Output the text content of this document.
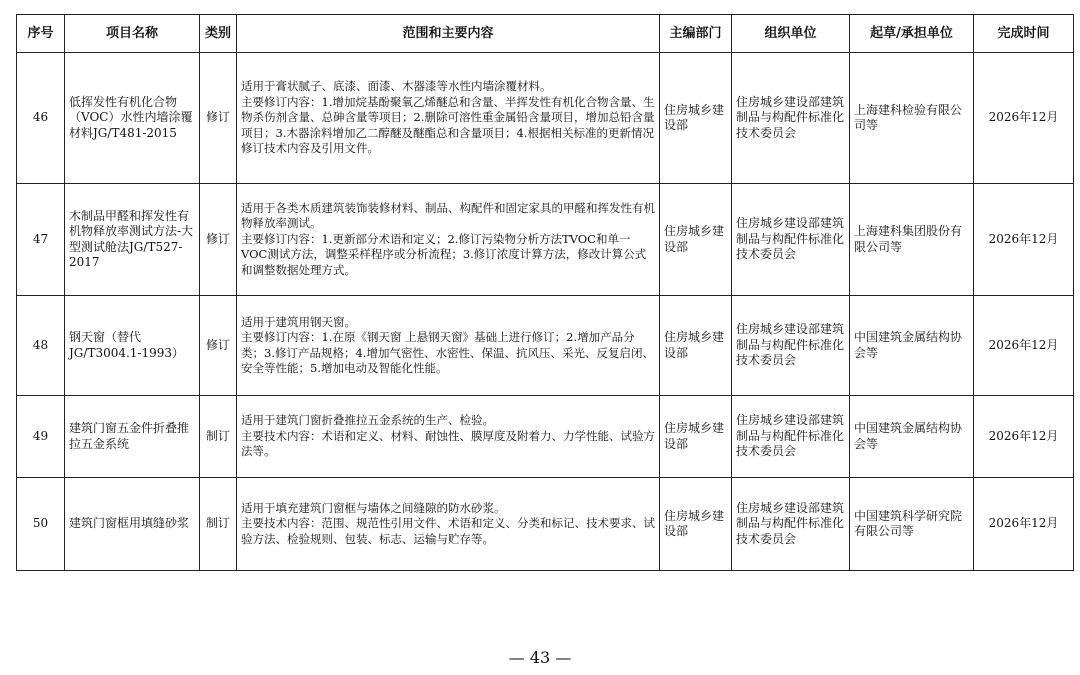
序号	项目名称	类别	范围和主要内容	主编部门	组织单位	起草/承担单位	完成时间
46	低挥发性有机化合物（VOC）水性内墙涂覆材料JG/T481-2015	修订	适用于膏状腻子、底漆、面漆、木器漆等水性内墙涂覆材料。
主要修订内容：1.增加烷基酚聚氧乙烯醚总和含量、半挥发性有机化合物含量、生物杀伤剂含量、总砷含量等项目；2.删除可溶性重金属铅含量项目，增加总铅含量项目；3.木器涂料增加乙二醇醚及醚酯总和含量项目；4.根据相关标准的更新情况修订技术内容及引用文件。	住房城乡建设部	住房城乡建设部建筑制品与构配件标准化技术委员会	上海建科检验有限公司等	2026年12月
47	木制品甲醛和挥发性有机物释放率测试方法-大型测试舱法JG/T527-2017	修订	适用于各类木质建筑装饰装修材料、制品、构配件和固定家具的甲醛和挥发性有机物释放率测试。
主要修订内容：1.更新部分术语和定义；2.修订污染物分析方法TVOC和单一VOC测试方法，调整采样程序或分析流程；3.修订浓度计算方法，修改计算公式和调整数据处理方式。	住房城乡建设部	住房城乡建设部建筑制品与构配件标准化技术委员会	上海建科集团股份有限公司等	2026年12月
48	钢天窗（替代JG/T3004.1-1993）	修订	适用于建筑用钢天窗。
主要修订内容：1.在原《钢天窗 上悬钢天窗》基础上进行修订；2.增加产品分类；3.修订产品规格；4.增加气密性、水密性、保温、抗风压、采光、反复启闭、安全等性能；5.增加电动及智能化性能。	住房城乡建设部	住房城乡建设部建筑制品与构配件标准化技术委员会	中国建筑金属结构协会等	2026年12月
49	建筑门窗五金件折叠推拉五金系统	制订	适用于建筑门窗折叠推拉五金系统的生产、检验。
主要技术内容：术语和定义、材料、耐蚀性、膜厚度及附着力、力学性能、试验方法等。	住房城乡建设部	住房城乡建设部建筑制品与构配件标准化技术委员会	中国建筑金属结构协会等	2026年12月
50	建筑门窗框用填缝砂浆	制订	适用于填充建筑门窗框与墙体之间缝隙的防水砂浆。
主要技术内容：范围、规范性引用文件、术语和定义、分类和标记、技术要求、试验方法、检验规则、包装、标志、运输与贮存等。	住房城乡建设部	住房城乡建设部建筑制品与构配件标准化技术委员会	中国建筑科学研究院有限公司等	2026年12月
— 43 —
